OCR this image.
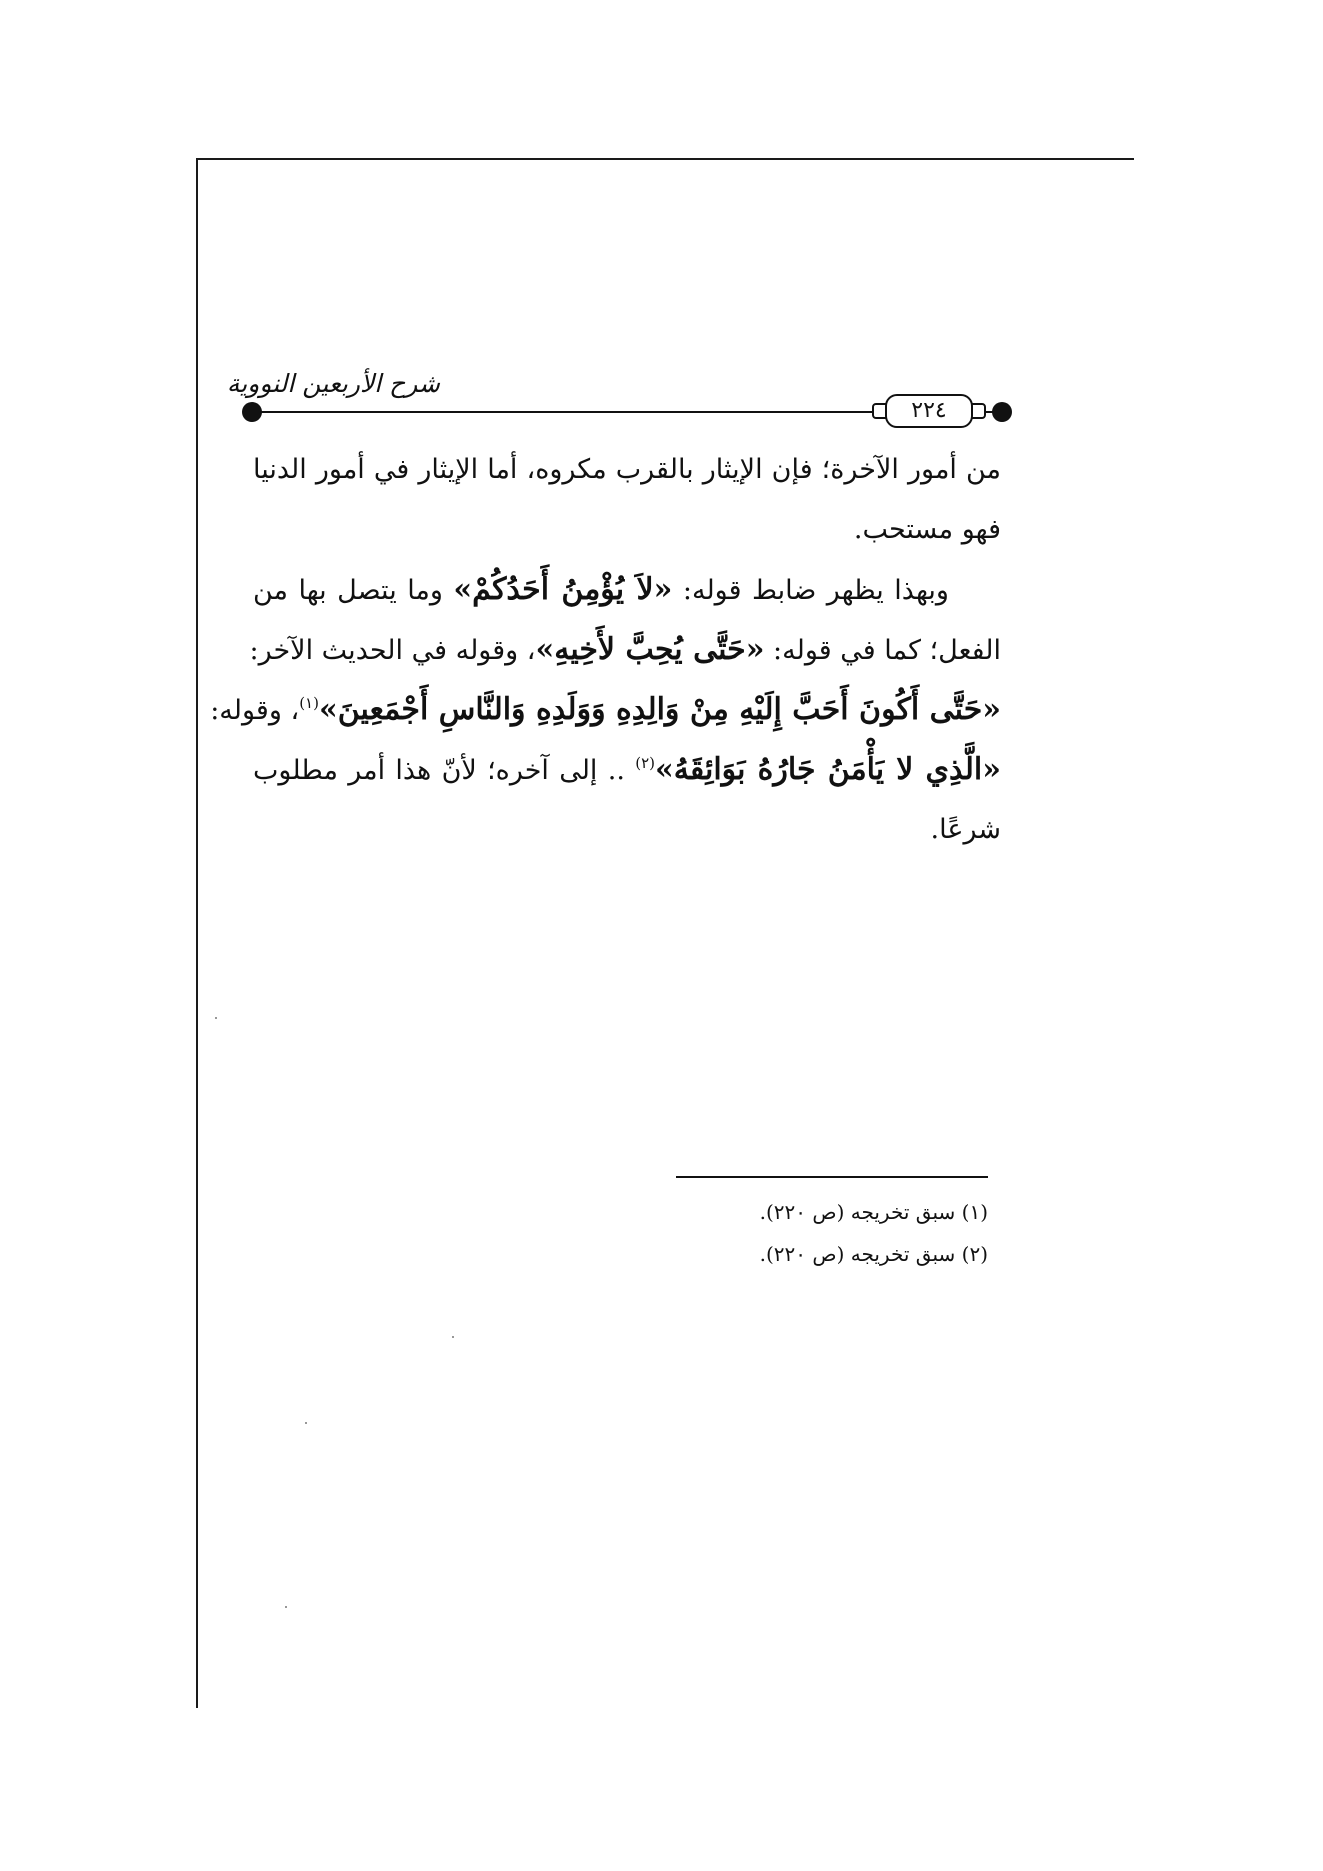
شرح الأربعين النووية
٢٢٤
من أمور الآخرة؛ فإن الإيثار بالقرب مكروه، أما الإيثار في أمور الدنيا
فهو مستحب.
وبهذا يظهر ضابط قوله: «لاَ يُؤْمِنُ أَحَدُكُمْ» وما يتصل بها من
الفعل؛ كما في قوله: «حَتَّى يُحِبَّ لأَخِيهِ»، وقوله في الحديث الآخر:
«حَتَّى أَكُونَ أَحَبَّ إِلَيْهِ مِنْ وَالِدِهِ وَوَلَدِهِ وَالنَّاسِ أَجْمَعِينَ»$^{(١)}$، وقوله:
«الَّذِي لا يَأْمَنُ جَارُهُ بَوَائِقَهُ»$^{(٢)}$ .. إلى آخره؛ لأنّ هذا أمر مطلوب
شرعًا.
(١) سبق تخريجه (ص ٢٢٠).
(٢) سبق تخريجه (ص ٢٢٠).
